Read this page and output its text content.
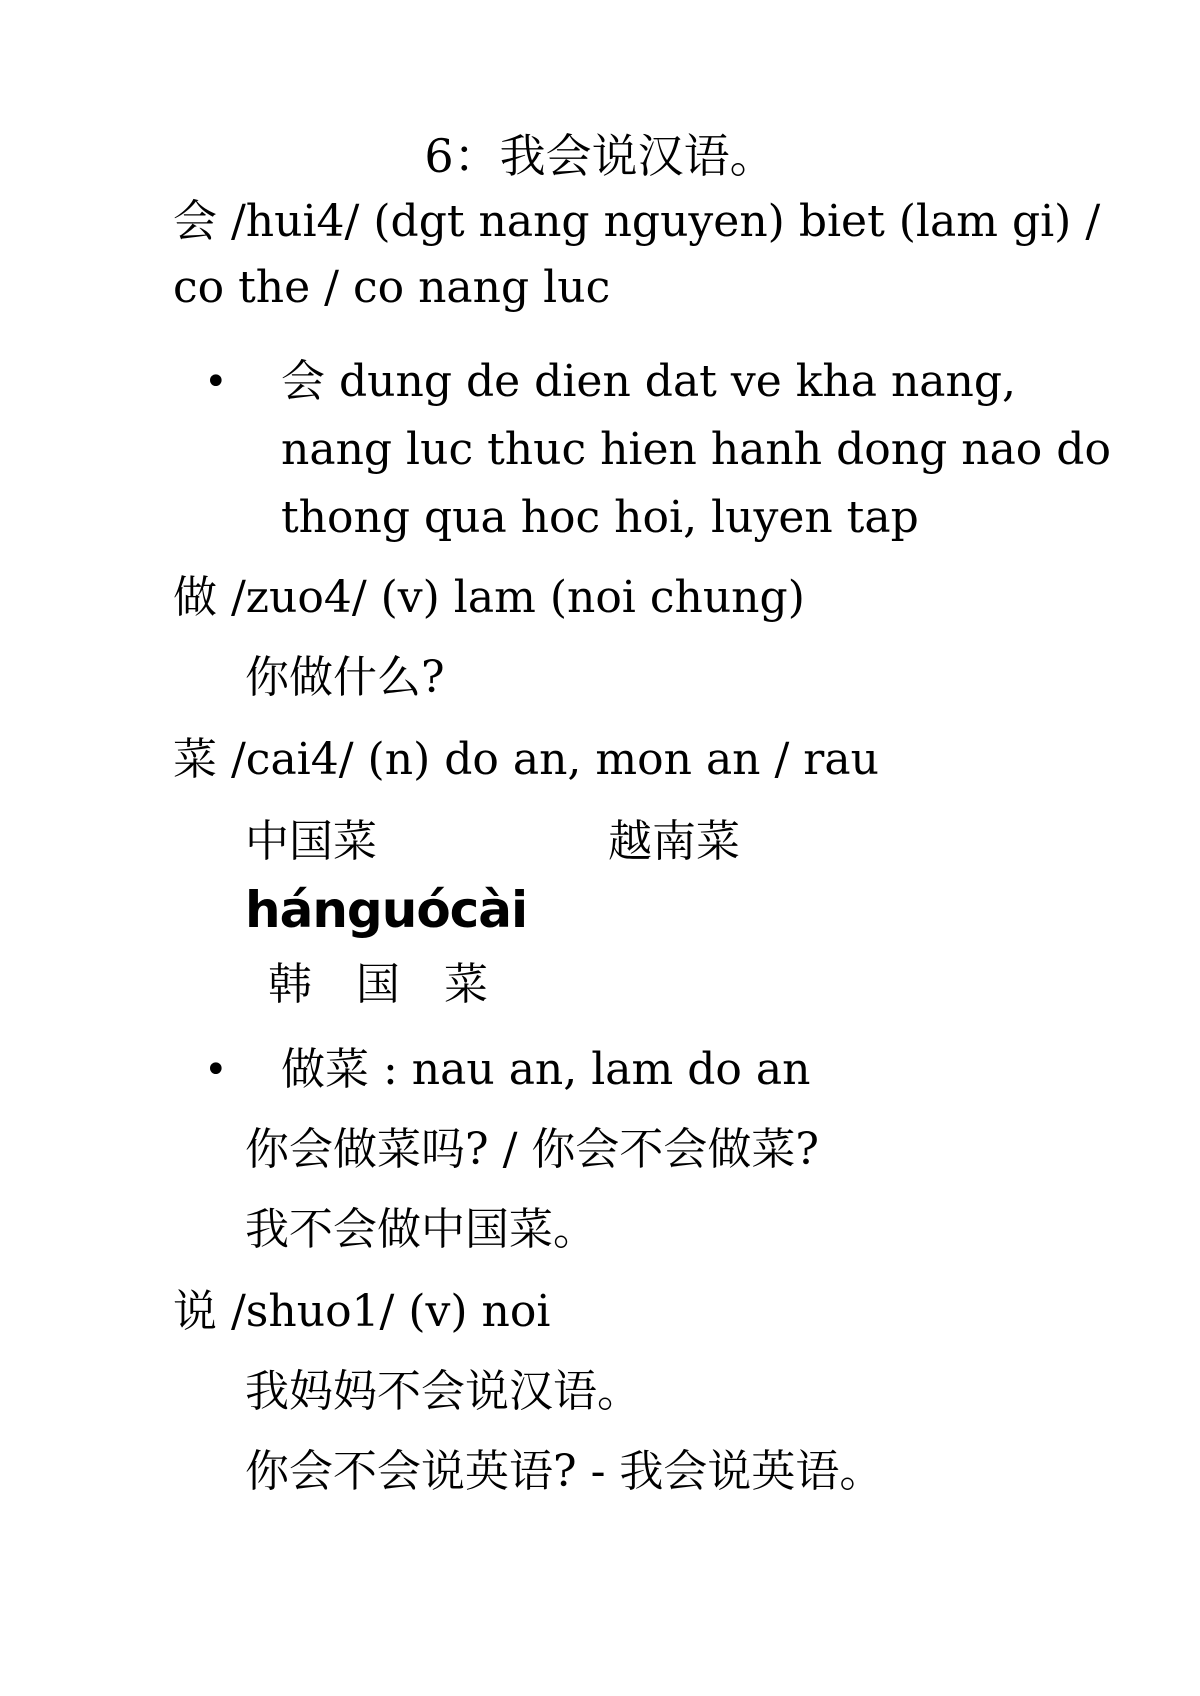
6：我会说汉语。
会 /hui4/ (dgt nang nguyen) biet (lam gi) /
co the / co nang luc
• 会 dung de dien dat ve kha nang,
nang luc thuc hien hanh dong nao do
thong qua hoc hoi, luyen tap
做 /zuo4/ (v) lam (noi chung)
你做什么?
菜 /cai4/ (n) do an, mon an / rau
中国菜	越南菜
hánguócài
韩 国 菜
• 做菜 : nau an, lam do an
你会做菜吗? / 你会不会做菜?
我不会做中国菜。
说 /shuo1/ (v) noi
我妈妈不会说汉语。
你会不会说英语? - 我会说英语。
